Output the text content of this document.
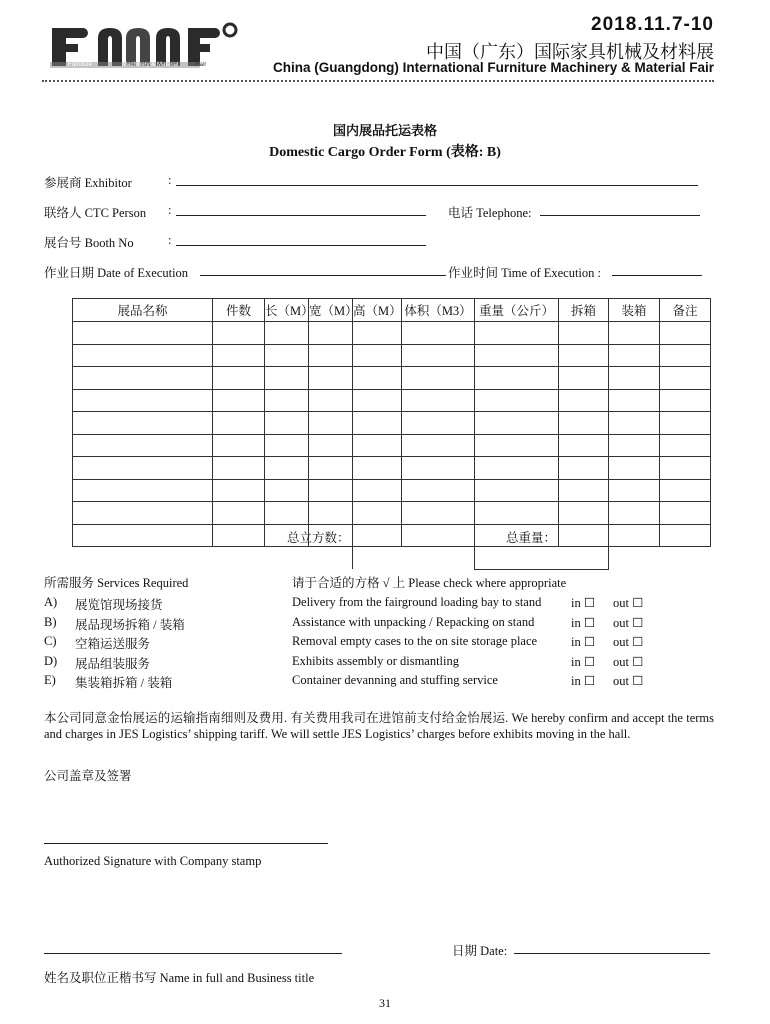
Furniture	Machinery & Material	Fair
2018.11.7-10
中国（广东）国际家具机械及材料展
China (Guangdong) International Furniture Machinery & Material Fair
国内展品托运表格
Domestic Cargo Order Form (表格: B)
参展商 Exhibitor	:
联络人 CTC Person :	电话 Telephone:
展台号 Booth No	:
作业日期 Date of Execution	作业时间 Time of Execution :
展品名称	件数	长（M）	宽（M）	高（M）	体积（M3）	重量（公斤）	拆箱	装箱	备注

总立方数：	总重量：
所需服务 Services Required	请于合适的方格 √ 上 Please check where appropriate
A) 展览馆现场接货	Delivery from the fairground loading bay to stand in ☐ out ☐
B) 展品现场拆箱 / 装箱	Assistance with unpacking / Repacking on stand	in ☐ out ☐
C) 空箱运送服务	Removal empty cases to the on site storage place	in ☐ out ☐
D) 展品组装服务	Exhibits assembly or dismantling	in ☐ out ☐
E) 集装箱拆箱 / 装箱	Container devanning and stuffing service	in ☐ out ☐
本公司同意金怡展运的运输指南细则及费用. 有关费用我司在进馆前支付给金怡展运. We hereby confirm and accept the terms and charges in JES Logistics’ shipping tariff. We will settle JES Logistics’ charges before exhibits moving in the hall.
公司盖章及签署
Authorized Signature with Company stamp
日期 Date:
姓名及职位正楷书写 Name in full and Business title
31
